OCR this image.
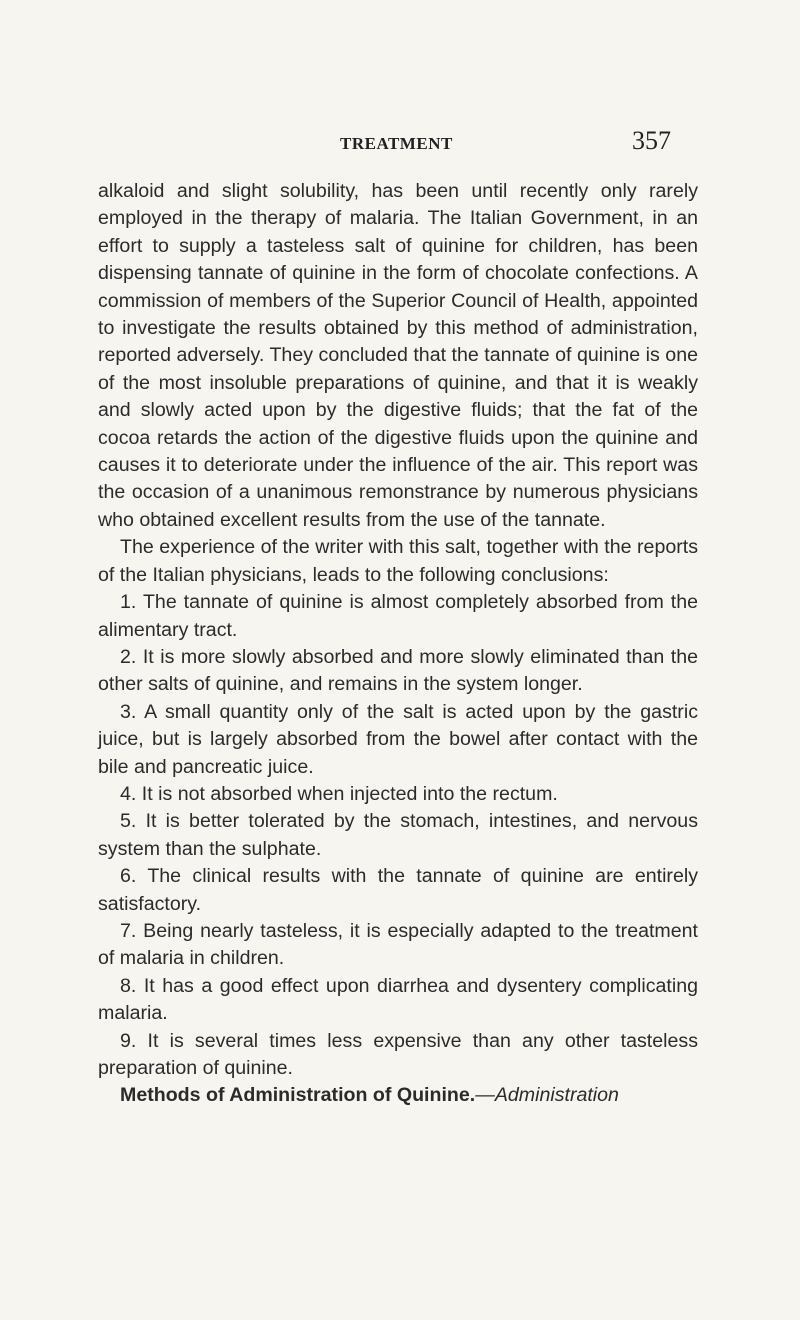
TREATMENT	357

alkaloid and slight solubility, has been until recently only rarely employed in the therapy of malaria. The Italian Government, in an effort to supply a tasteless salt of quinine for children, has been dispensing tannate of quinine in the form of chocolate confections. A commission of members of the Superior Council of Health, appointed to investigate the results obtained by this method of administration, reported adversely. They concluded that the tannate of quinine is one of the most insoluble preparations of quinine, and that it is weakly and slowly acted upon by the digestive fluids; that the fat of the cocoa retards the action of the digestive fluids upon the quinine and causes it to deteriorate under the influence of the air. This report was the occasion of a unanimous remonstrance by numerous physicians who obtained excellent results from the use of the tannate.

The experience of the writer with this salt, together with the reports of the Italian physicians, leads to the following conclusions:

1. The tannate of quinine is almost completely absorbed from the alimentary tract.

2. It is more slowly absorbed and more slowly eliminated than the other salts of quinine, and remains in the system longer.

3. A small quantity only of the salt is acted upon by the gastric juice, but is largely absorbed from the bowel after contact with the bile and pancreatic juice.

4. It is not absorbed when injected into the rectum.

5. It is better tolerated by the stomach, intestines, and nervous system than the sulphate.

6. The clinical results with the tannate of quinine are entirely satisfactory.

7. Being nearly tasteless, it is especially adapted to the treatment of malaria in children.

8. It has a good effect upon diarrhea and dysentery complicating malaria.

9. It is several times less expensive than any other tasteless preparation of quinine.

Methods of Administration of Quinine.—Administration
